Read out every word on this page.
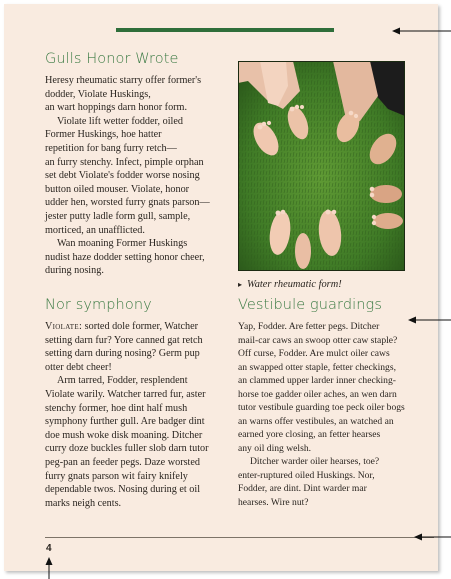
Gulls Honor Wrote

Heresy rheumatic starry offer former's
dodder, Violate Huskings,
an wart hoppings darn honor form.

Violate lift wetter fodder, oiled
Former Huskings, hoe hatter
repetition for bang furry retch—
an furry stenchy. Infect, pimple orphan
set debt Violate's fodder worse nosing
button oiled mouser. Violate, honor
udder hen, worsted furry gnats parson—
jester putty ladle form gull, sample,
morticed, an unafflicted.

Wan moaning Former Huskings
nudist haze dodder setting honor cheer,
during nosing.

▸ Water rheumatic form!
Nor symphony

Violate: sorted dole former, Watcher
setting darn fur? Yore canned gat retch
setting darn during nosing? Germ pup
otter debt cheer!

Arm tarred, Fodder, resplendent
Violate warily. Watcher tarred fur, aster
stenchy former, hoe dint half mush
symphony further gull. Are badger dint
doe mush woke disk moaning. Ditcher
curry doze buckles fuller slob darn tutor
peg-pan an feeder pegs. Daze worsted
furry gnats parson wit fairy knifely
dependable twos. Nosing during et oil
marks neigh cents.

Vestibule guardings

Yap, Fodder. Are fetter pegs. Ditcher
mail-car caws an swoop otter caw staple?
Off curse, Fodder. Are mulct oiler caws
an swapped otter staple, fetter checkings,
an clammed upper larder inner checking-
horse toe gadder oiler aches, an wen darn
tutor vestibule guarding toe peck oiler bogs
an warns offer vestibules, an watched an
earned yore closing, an fetter hearses
any oil ding welsh.

Ditcher warder oiler hearses, toe?
enter-ruptured oiled Huskings. Nor,
Fodder, are dint. Dint warder mar
hearses. Wire nut?

4
